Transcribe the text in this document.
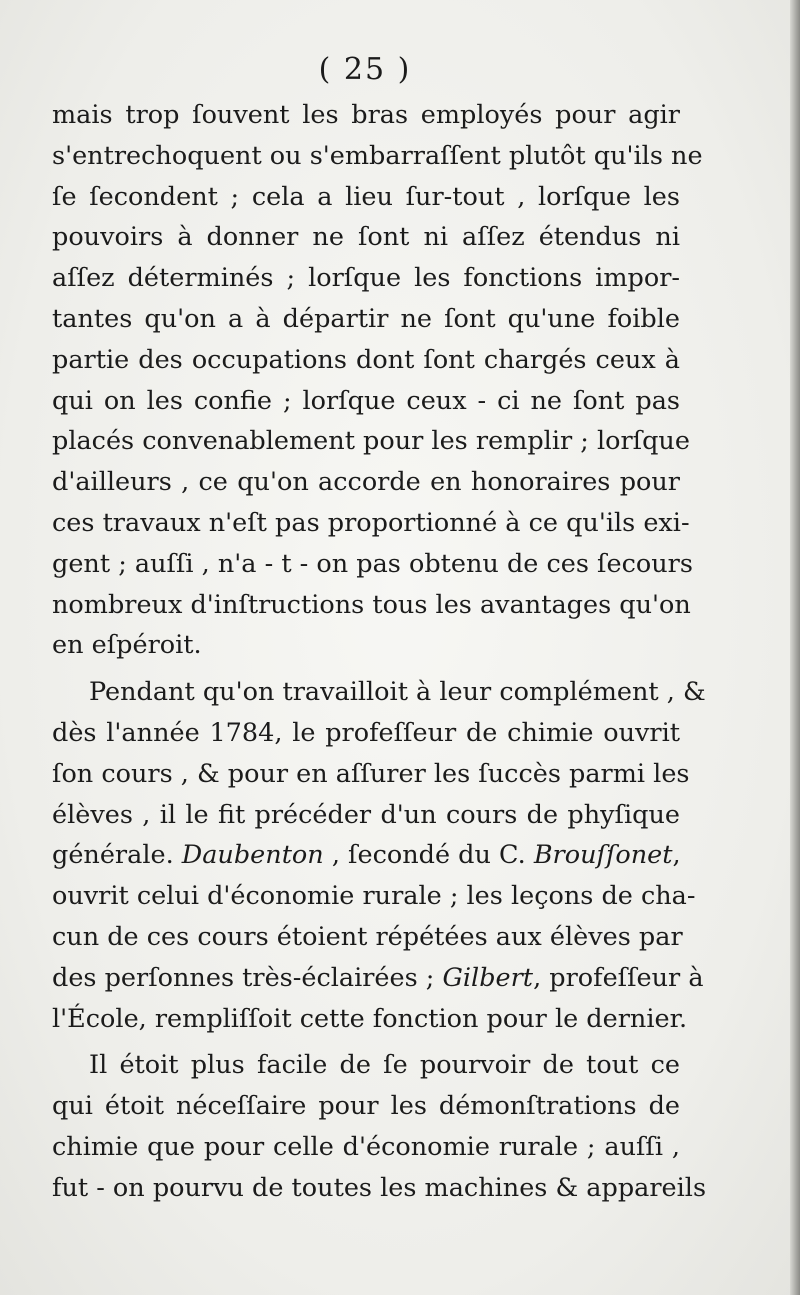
( 25 )
mais trop ſouvent les bras employés pour agir
s'entrechoquent ou s'embarraſſent plutôt qu'ils ne
ſe ſecondent ; cela a lieu ſur-tout , lorſque les
pouvoirs à donner ne ſont ni aſſez étendus ni
aſſez déterminés ; lorſque les fonctions impor-
tantes qu'on a à départir ne ſont qu'une foible
partie des occupations dont ſont chargés ceux à
qui on les confie ; lorſque ceux - ci ne ſont pas
placés convenablement pour les remplir ; lorſque
d'ailleurs , ce qu'on accorde en honoraires pour
ces travaux n'eſt pas proportionné à ce qu'ils exi-
gent ; auſſi , n'a - t - on pas obtenu de ces ſecours
nombreux d'inſtructions tous les avantages qu'on
en eſpéroit.
Pendant qu'on travailloit à leur complément , &
dès l'année 1784, le profeſſeur de chimie ouvrit
ſon cours , & pour en aſſurer les ſuccès parmi les
élèves , il le fit précéder d'un cours de phyſique
générale. Daubenton , ſecondé du C. Brouſſonet,
ouvrit celui d'économie rurale ; les leçons de cha-
cun de ces cours étoient répétées aux élèves par
des perſonnes très-éclairées ; Gilbert, profeſſeur à
l'École, rempliſſoit cette fonction pour le dernier.
Il étoit plus facile de ſe pourvoir de tout ce
qui étoit néceſſaire pour les démonſtrations de
chimie que pour celle d'économie rurale ; auſſi ,
fut - on pourvu de toutes les machines & appareils
